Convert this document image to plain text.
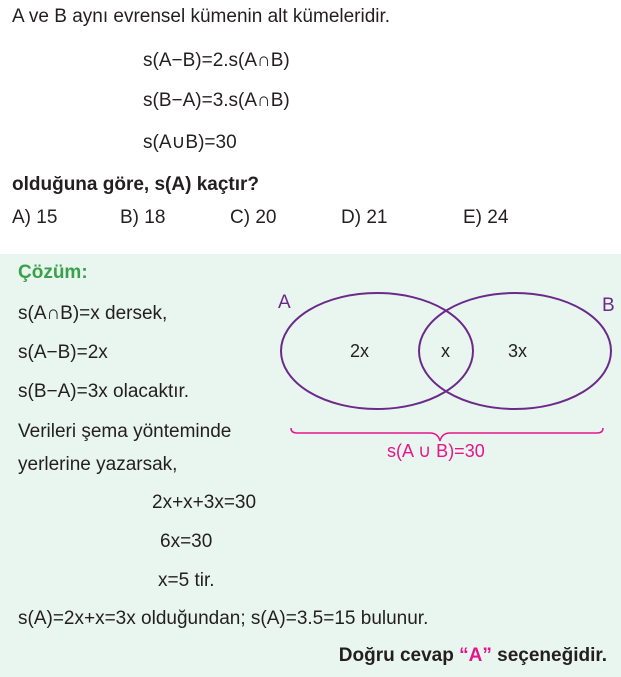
A ve B aynı evrensel kümenin alt kümeleridir.
s(A−B)=2.s(A∩B)
s(B−A)=3.s(A∩B)
s(A∪B)=30
olduğuna göre, s(A) kaçtır?
A) 15	B) 18	C) 20	D) 21	E) 24
Çözüm:
s(A∩B)=x dersek,
s(A−B)=2x
s(B−A)=3x olacaktır.
Verileri şema yönteminde
yerlerine yazarsak,
A	B
2x	x	3x
s(A ∪ B)=30
2x+x+3x=30
6x=30
x=5 tir.
s(A)=2x+x=3x olduğundan; s(A)=3.5=15 bulunur.
Doğru cevap “A” seçeneğidir.
